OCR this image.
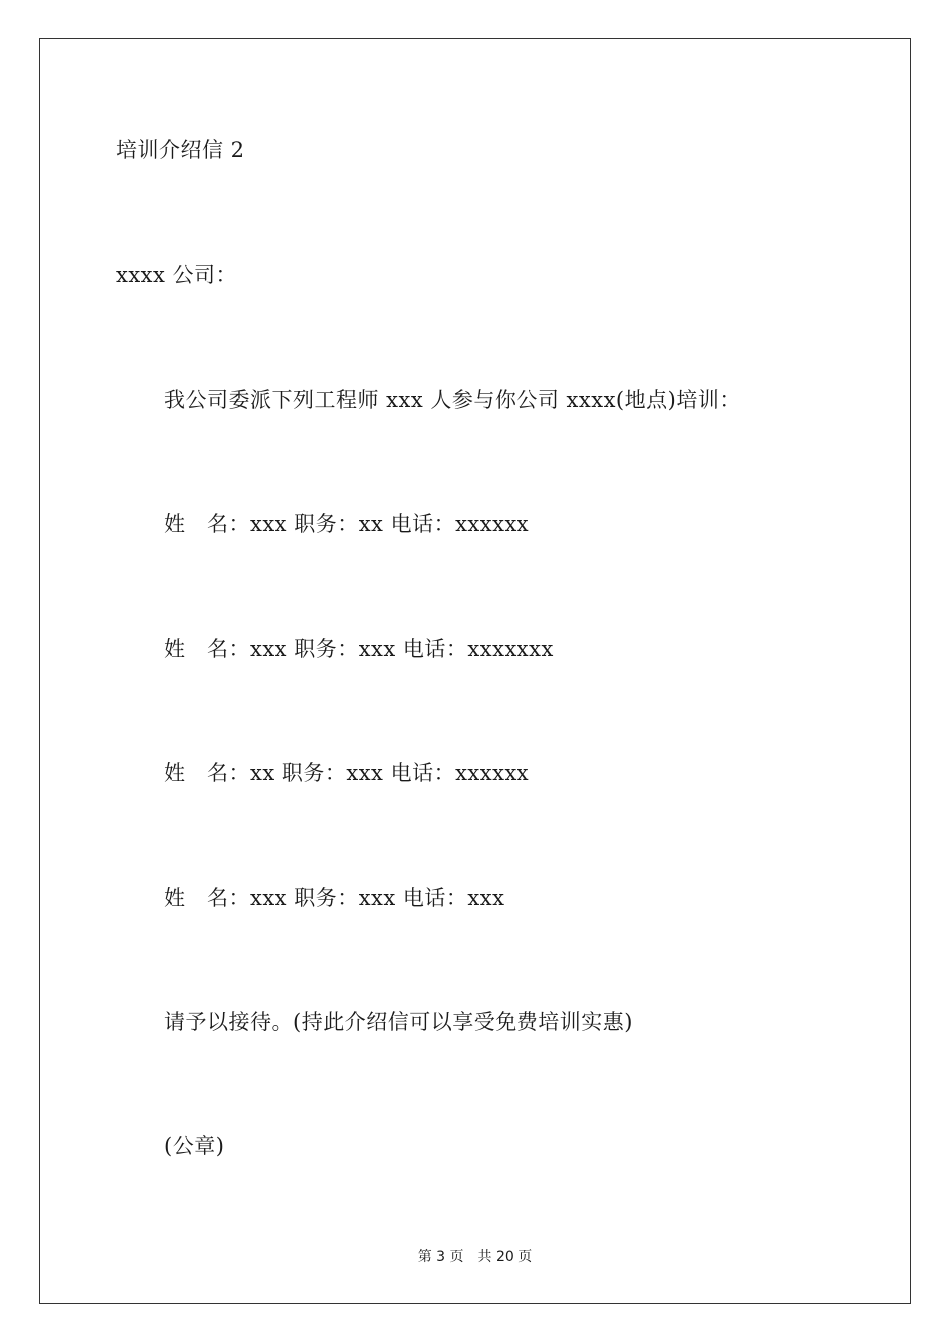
培训介绍信 2
xxxx 公司：
我公司委派下列工程师 xxx 人参与你公司 xxxx(地点)培训：
姓　名：xxx 职务：xx 电话：xxxxxx
姓　名：xxx 职务：xxx 电话：xxxxxxx
姓　名：xx 职务：xxx 电话：xxxxxx
姓　名：xxx 职务：xxx 电话：xxx
请予以接待。(持此介绍信可以享受免费培训实惠)
(公章)
第 3 页　共 20 页
